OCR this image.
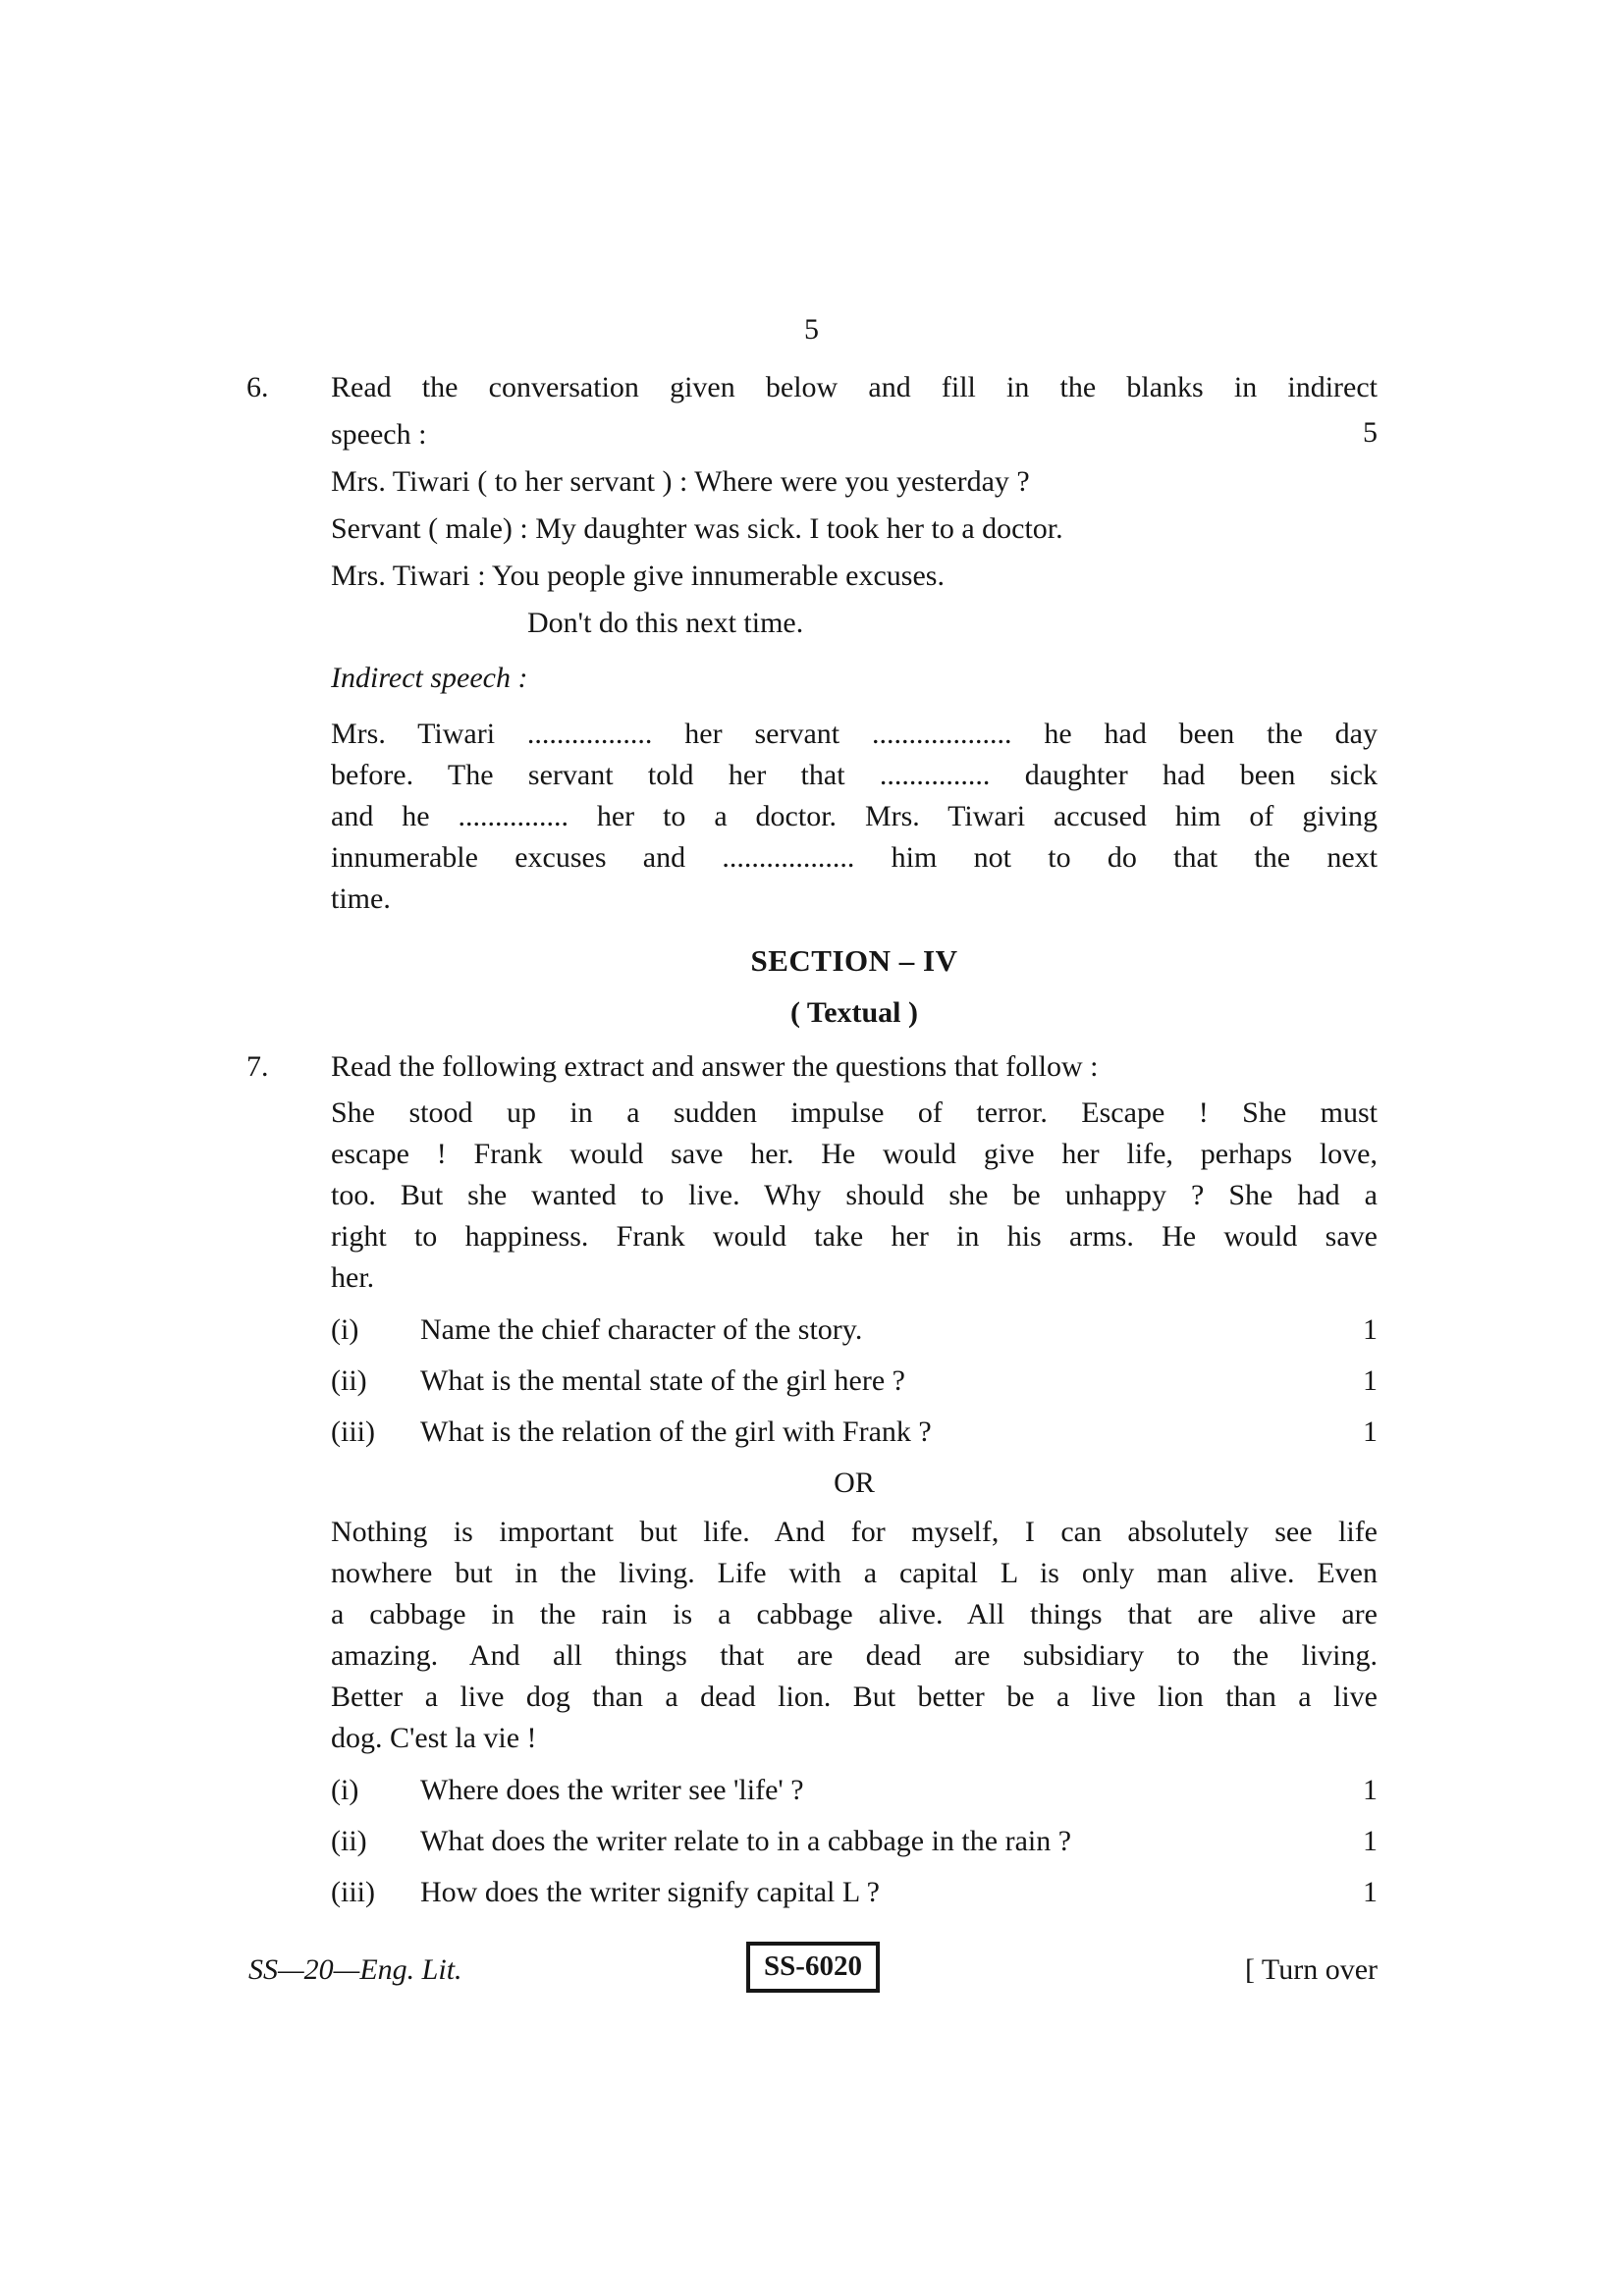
5
6. Read the conversation given below and fill in the blanks in indirect
speech :	5
Mrs. Tiwari ( to her servant ) : Where were you yesterday ?
Servant ( male) : My daughter was sick. I took her to a doctor.
Mrs. Tiwari : You people give innumerable excuses.
Don't do this next time.
Indirect speech :
Mrs. Tiwari ................. her servant ................... he had been the day
before. The servant told her that ............... daughter had been sick
and he ............... her to a doctor. Mrs. Tiwari accused him of giving
innumerable excuses and .................. him not to do that the next
time.
SECTION – IV
( Textual )
7. Read the following extract and answer the questions that follow :
She stood up in a sudden impulse of terror. Escape ! She must
escape ! Frank would save her. He would give her life, perhaps love,
too. But she wanted to live. Why should she be unhappy ? She had a
right to happiness. Frank would take her in his arms. He would save
her.
(i)	Name the chief character of the story.	1
(ii)	What is the mental state of the girl here ?	1
(iii)	What is the relation of the girl with Frank ?	1
OR
Nothing is important but life. And for myself, I can absolutely see life
nowhere but in the living. Life with a capital L is only man alive. Even
a cabbage in the rain is a cabbage alive. All things that are alive are
amazing. And all things that are dead are subsidiary to the living.
Better a live dog than a dead lion. But better be a live lion than a live
dog. C'est la vie !
(i)	Where does the writer see 'life' ?	1
(ii)	What does the writer relate to in a cabbage in the rain ?	1
(iii)	How does the writer signify capital L ?	1
SS—20—Eng. Lit.	SS-6020	[ Turn over
